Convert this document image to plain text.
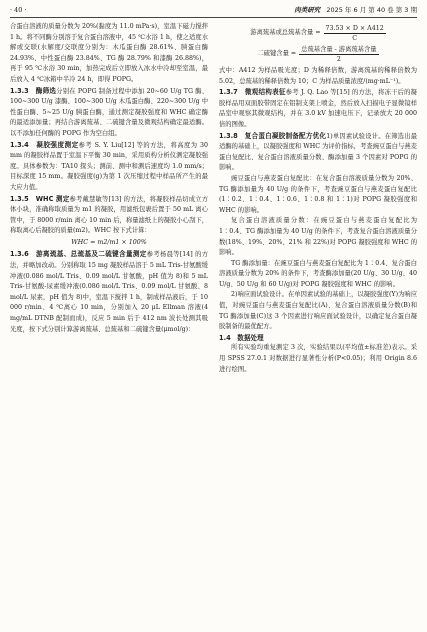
· 40 ·	肉类研究 2025 年 6 月 第 40 卷 第 3 期

合蛋白溶液的质量分数为 20%(黏度为 11.0 mPa·s)，室温下磁力搅拌 1 h。将不同酶分别溶于复合蛋白溶液中，45 ℃水浴 1 h，使之适度水解或交联(水解度/交联度分别为：木瓜蛋白酶 28.61%、胰蛋白酶 24.93%、中性蛋白酶 23.84%、TG 酶 28.79% 和漆酶 26.88%)，再于 95 ℃水浴 30 min，加热完成后立即放入冰水中冷却至室温，最后放入 4 ℃冰箱中半冷 24 h，即得 POPG。

1.3.3　酶筛选分别在 POPG 制备过程中添加 20~60 U/g TG 酶、100~300 U/g 漆酶、100~300 U/g 木瓜蛋白酶、220~300 U/g 中性蛋白酶、5~25 U/g 胰蛋白酶，通过测定凝胶强度和 WHC 确定酶的最适添加量；再结合游离巯基、二硫键含量及微观结构确定最适酶。以不添加任何酶的 POPG 作为空白组。

1.3.4　凝胶强度测定参考 S. Y. Liu[12] 等的方法，将高度为 30 mm 的凝胶样品置于室温下平衡 30 min，采用质构分析仪测定凝胶强度。具体参数为：TA10 探头；测前、测中和测后速度均 1.0 mm/s；目标深度 15 mm。凝胶强度(g)为第 1 次压缩过程中样品所产生的最大应力值。

1.3.5　WHC 测定参考戴慧敏等[13] 的方法，将凝胶样品切成立方体小块，准确称取质量为 m1 的凝胶，用滤纸包裹后置于 50 mL 离心管中，于 8000 r/min 离心 10 min 后，称量滤纸上的凝胶小心刮下，称取离心后凝胶的质量(m2)。WHC 按下式计算：

WHC = m2/m1 × 100%

1.3.6　游离巯基、总巯基及二硫键含量测定参考杨晨等[14] 的方法，并略加改动。分别称取 15 mg 凝胶样品溶于 5 mL Tris-甘氨酸缓冲液(0.086 mol/L Tris、0.09 mol/L 甘氨酸，pH 值为 8)和 5 mL Tris-甘氨酸-尿素缓冲液(0.086 mol/L Tris、0.09 mol/L 甘氨酸、8 mol/L 尿素，pH 值为 8)中，室温下搅拌 1 h，制成样品液后，于 10 000 r/min、4 ℃离心 10 min，分别加入 20 μL Ellman 溶液(4 mg/mL DTNB 配制而成)，反应 5 min 后于 412 nm 波长处测其吸光度，按下式分别计算游离巯基、总巯基和二硫键含量(μmol/g)：

游离巯基或总巯基含量 = $\frac{73.53 \times D \times A412}{C}$
二硫键含量 = $\frac{\text{总巯基含量 - 游离巯基含量}}{2}$

式中：A412 为样品吸光度；D 为稀释倍数，游离巯基的稀释倍数为 5.02，总巯基的稀释倍数为 10；C 为样品质量浓度/(mg·mL⁻¹)。

1.3.7　微观结构表征参考 J. Q. Lao 等[15] 的方法，将冻干后的凝胶样品用双面胶带固定在铝制支架上喷金，然后放入扫描电子显微镜样品室中观察其微观结构，并在 3.0 kV 加速电压下，记录放大 20 000 倍的图像。

1.3.8　复合蛋白凝胶制备配方优化1)单因素试验设计。在筛选出最适酶的基础上，以凝胶强度和 WHC 为评价指标，考查豌豆蛋白与燕麦蛋白复配比、复合蛋白溶液质量分数、酶添加量 3 个因素对 POPG 的影响。

豌豆蛋白与燕麦蛋白复配比：在复合蛋白溶液质量分数为 20%、TG 酶添加量为 40 U/g 的条件下，考查豌豆蛋白与燕麦蛋白复配比(1∶0.2、1∶0.4、1∶0.6、1∶0.8 和 1∶1)对 POPG 凝胶强度和 WHC 的影响。

复合蛋白溶液质量分数：在豌豆蛋白与燕麦蛋白复配比为 1∶0.4、TG 酶添加量为 40 U/g 的条件下，考查复合蛋白溶液质量分数(18%、19%、20%、21% 和 22%)对 POPG 凝胶强度和 WHC 的影响。

TG 酶添加量：在豌豆蛋白与燕麦蛋白复配比为 1∶0.4、复合蛋白溶液质量分数为 20% 的条件下，考查酶添加量(20 U/g、30 U/g、40 U/g、50 U/g 和 60 U/g)对 POPG 凝胶强度和 WHC 的影响。

2)响应面试验设计。在单因素试验的基础上，以凝胶强度(Y)为响应值，对豌豆蛋白与燕麦蛋白复配比(A)、复合蛋白溶液质量分数(B)和 TG 酶添加量(C)这 3 个因素进行响应面试验设计，以确定复合蛋白凝胶制备的最优配方。

1.4　数据处理

所有实验均重复测定 3 次，实验结果以(平均值±标准差)表示。采用 SPSS 27.0.1 对数据进行显著性分析(P<0.05)；利用 Origin 8.6 进行绘图。
